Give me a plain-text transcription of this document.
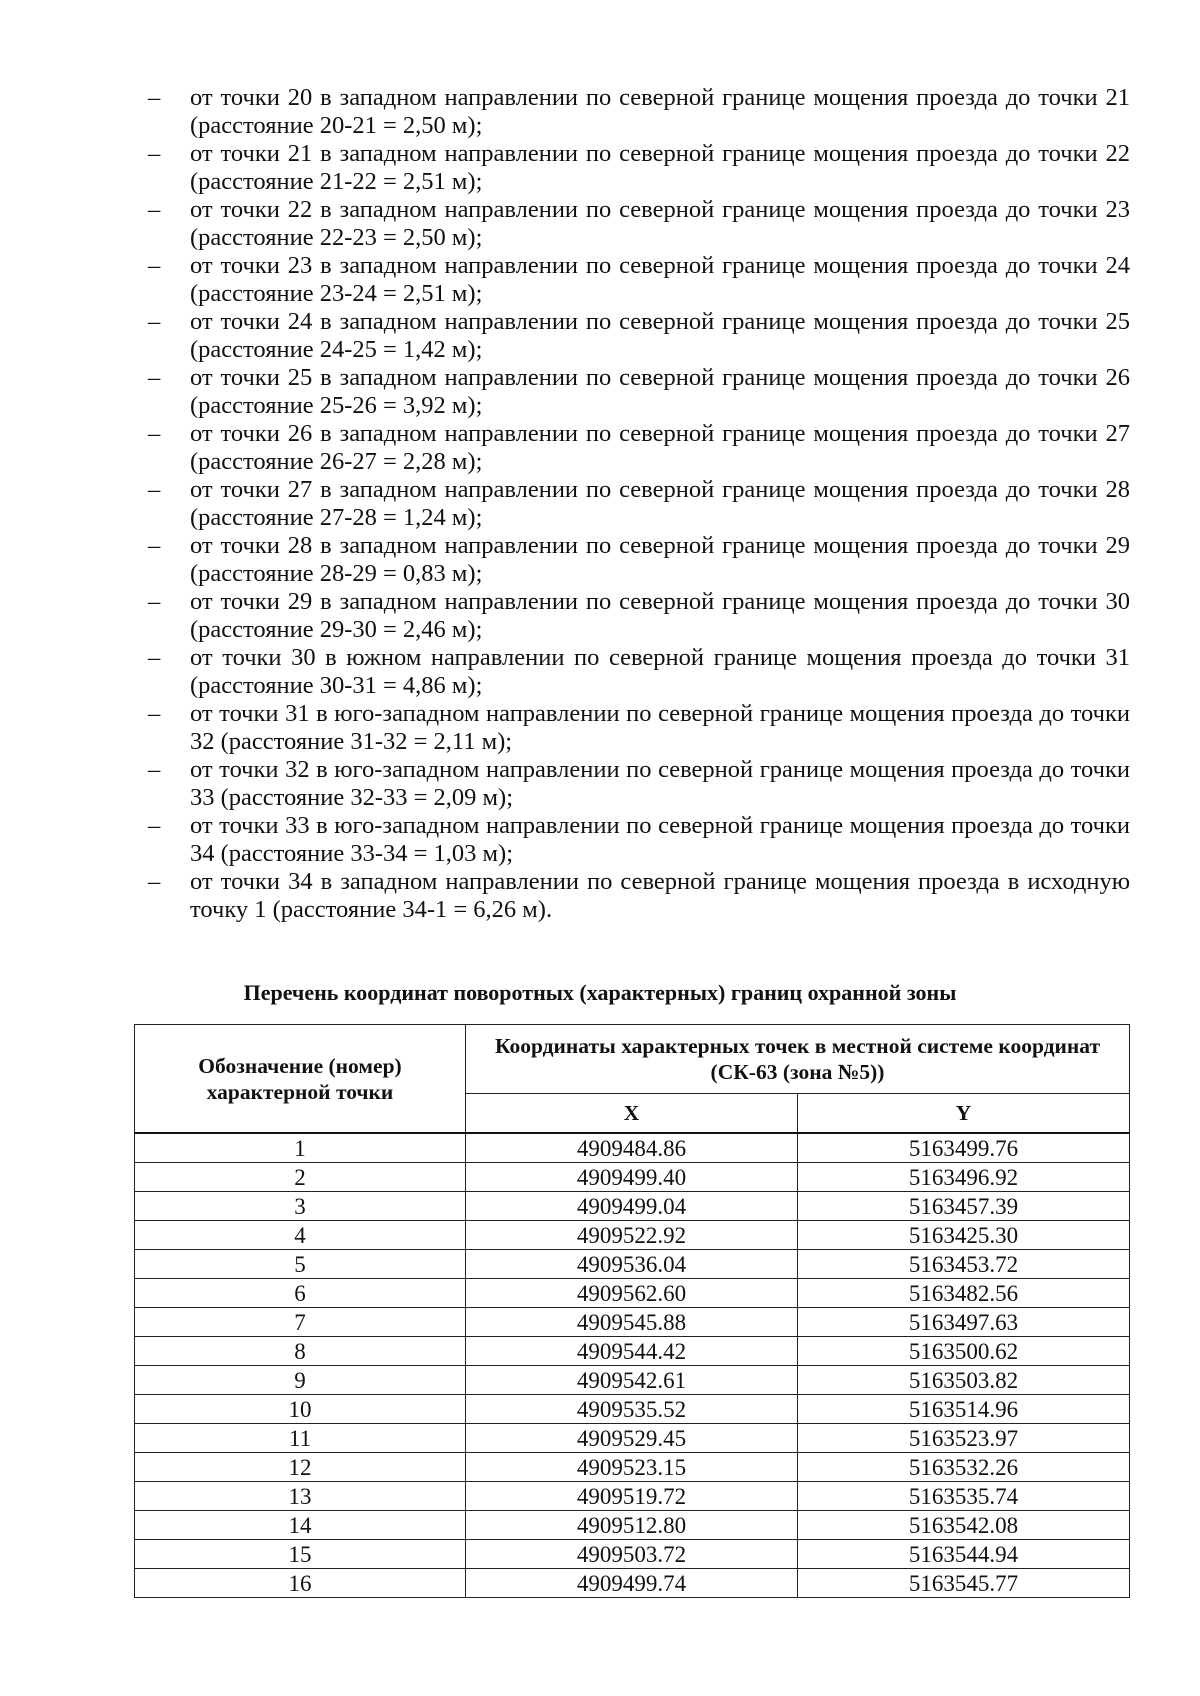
– от точки 20 в западном направлении по северной границе мощения проезда до точки 21
(расстояние 20-21 = 2,50 м);
– от точки 21 в западном направлении по северной границе мощения проезда до точки 22
(расстояние 21-22 = 2,51 м);
– от точки 22 в западном направлении по северной границе мощения проезда до точки 23
(расстояние 22-23 = 2,50 м);
– от точки 23 в западном направлении по северной границе мощения проезда до точки 24
(расстояние 23-24 = 2,51 м);
– от точки 24 в западном направлении по северной границе мощения проезда до точки 25
(расстояние 24-25 = 1,42 м);
– от точки 25 в западном направлении по северной границе мощения проезда до точки 26
(расстояние 25-26 = 3,92 м);
– от точки 26 в западном направлении по северной границе мощения проезда до точки 27
(расстояние 26-27 = 2,28 м);
– от точки 27 в западном направлении по северной границе мощения проезда до точки 28
(расстояние 27-28 = 1,24 м);
– от точки 28 в западном направлении по северной границе мощения проезда до точки 29
(расстояние 28-29 = 0,83 м);
– от точки 29 в западном направлении по северной границе мощения проезда до точки 30
(расстояние 29-30 = 2,46 м);
– от точки 30 в южном направлении по северной границе мощения проезда до точки 31
(расстояние 30-31 = 4,86 м);
– от точки 31 в юго-западном направлении по северной границе мощения проезда до точки
32 (расстояние 31-32 = 2,11 м);
– от точки 32 в юго-западном направлении по северной границе мощения проезда до точки
33 (расстояние 32-33 = 2,09 м);
– от точки 33 в юго-западном направлении по северной границе мощения проезда до точки
34 (расстояние 33-34 = 1,03 м);
– от точки 34 в западном направлении по северной границе мощения проезда в исходную
точку 1 (расстояние 34-1 = 6,26 м).
Перечень координат поворотных (характерных) границ охранной зоны
Обозначение (номер) характерной точки	Координаты характерных точек в местной системе координат (СК-63 (зона №5))	
	X	Y
1	4909484.86	5163499.76
2	4909499.40	5163496.92
3	4909499.04	5163457.39
4	4909522.92	5163425.30
5	4909536.04	5163453.72
6	4909562.60	5163482.56
7	4909545.88	5163497.63
8	4909544.42	5163500.62
9	4909542.61	5163503.82
10	4909535.52	5163514.96
11	4909529.45	5163523.97
12	4909523.15	5163532.26
13	4909519.72	5163535.74
14	4909512.80	5163542.08
15	4909503.72	5163544.94
16	4909499.74	5163545.77
